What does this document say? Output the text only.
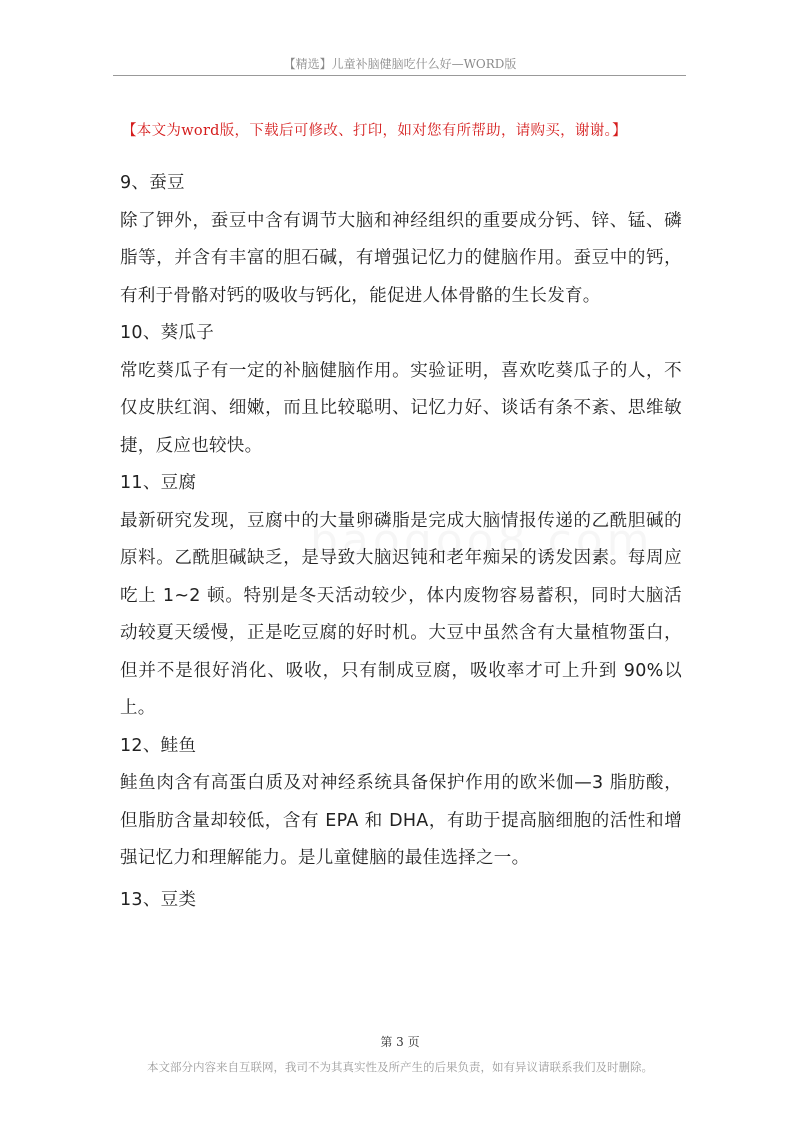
【精选】儿童补脑健脑吃什么好—WORD版
【本文为word版，下载后可修改、打印，如对您有所帮助，请购买，谢谢。】

9、蚕豆

除了钾外，蚕豆中含有调节大脑和神经组织的重要成分钙、锌、锰、磷脂等，并含有丰富的胆石碱，有增强记忆力的健脑作用。蚕豆中的钙，有利于骨骼对钙的吸收与钙化，能促进人体骨骼的生长发育。

10、葵瓜子

常吃葵瓜子有一定的补脑健脑作用。实验证明，喜欢吃葵瓜子的人，不仅皮肤红润、细嫩，而且比较聪明、记忆力好、谈话有条不紊、思维敏捷，反应也较快。

11、豆腐

最新研究发现，豆腐中的大量卵磷脂是完成大脑情报传递的乙酰胆碱的原料。乙酰胆碱缺乏，是导致大脑迟钝和老年痴呆的诱发因素。每周应吃上 1~2 顿。特别是冬天活动较少，体内废物容易蓄积，同时大脑活动较夏天缓慢，正是吃豆腐的好时机。大豆中虽然含有大量植物蛋白，但并不是很好消化、吸收，只有制成豆腐，吸收率才可上升到 90%以上。

12、鲑鱼

鲑鱼肉含有高蛋白质及对神经系统具备保护作用的欧米伽—3 脂肪酸，但脂肪含量却较低，含有 EPA 和 DHA，有助于提高脑细胞的活性和增强记忆力和理解能力。是儿童健脑的最佳选择之一。

13、豆类

第 3 页
本文部分内容来自互联网，我司不为其真实性及所产生的后果负责，如有异议请联系我们及时删除。
